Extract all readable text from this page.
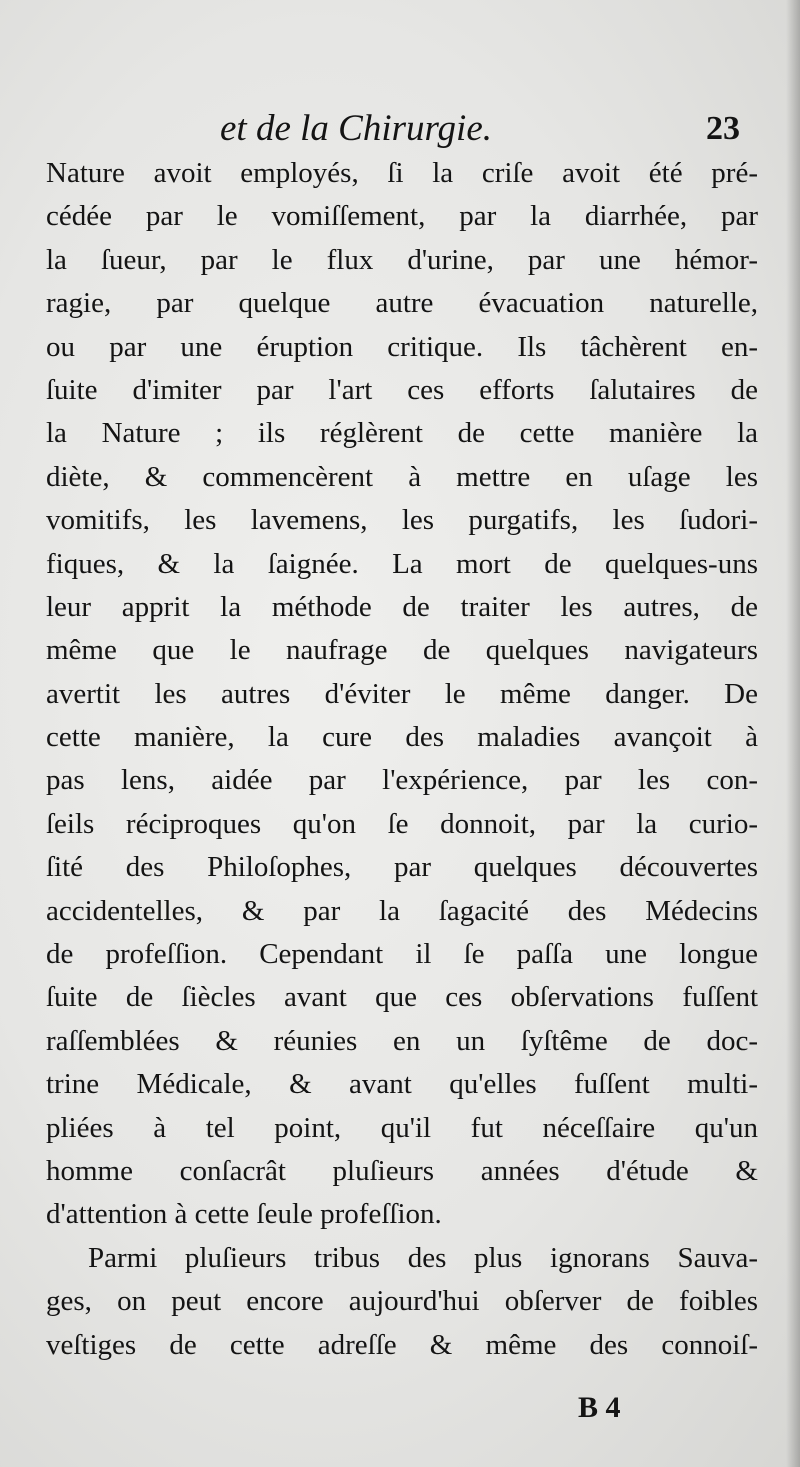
et de la Chirurgie.	23
Nature avoit employés, ſi la criſe avoit été pré-
cédée par le vomiſſement, par la diarrhée, par
la ſueur, par le flux d'urine, par une hémor-
ragie, par quelque autre évacuation naturelle,
ou par une éruption critique. Ils tâchèrent en-
ſuite d'imiter par l'art ces efforts ſalutaires de
la Nature ; ils réglèrent de cette manière la
diète, & commencèrent à mettre en uſage les
vomitifs, les lavemens, les purgatifs, les ſudori-
fiques, & la ſaignée. La mort de quelques-uns
leur apprit la méthode de traiter les autres, de
même que le naufrage de quelques navigateurs
avertit les autres d'éviter le même danger. De
cette manière, la cure des maladies avançoit à
pas lens, aidée par l'expérience, par les con-
ſeils réciproques qu'on ſe donnoit, par la curio-
ſité des Philoſophes, par quelques découvertes
accidentelles, & par la ſagacité des Médecins
de profeſſion. Cependant il ſe paſſa une longue
ſuite de ſiècles avant que ces obſervations fuſſent
raſſemblées & réunies en un ſyſtême de doc-
trine Médicale, & avant qu'elles fuſſent multi-
pliées à tel point, qu'il fut néceſſaire qu'un
homme conſacrât pluſieurs années d'étude &
d'attention à cette ſeule profeſſion.
Parmi pluſieurs tribus des plus ignorans Sauva-
ges, on peut encore aujourd'hui obſerver de foibles
veſtiges de cette adreſſe & même des connoiſ-
B 4
